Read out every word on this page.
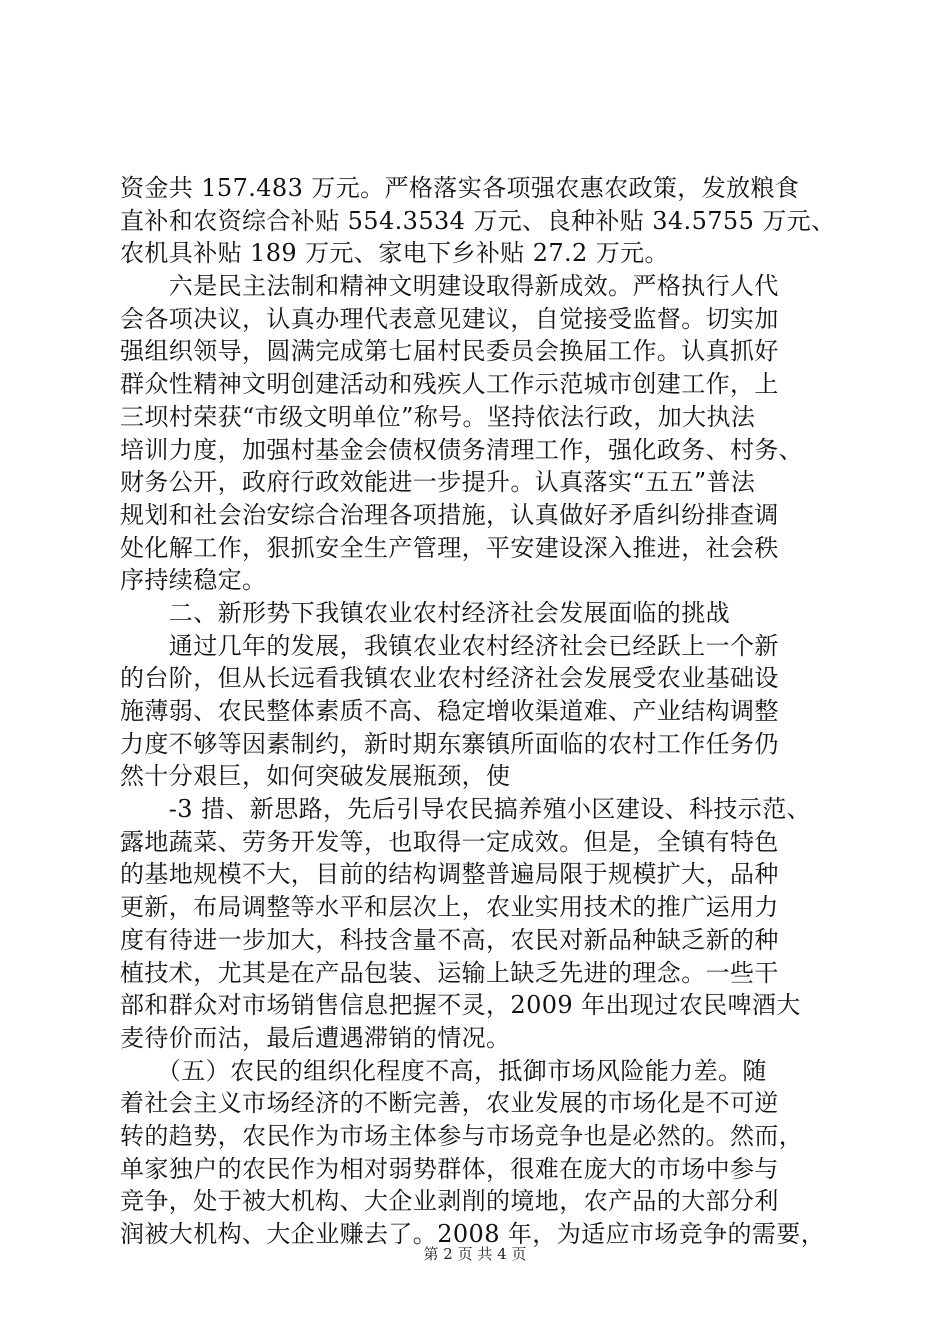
资金共 157.483 万元。严格落实各项强农惠农政策，发放粮食
直补和农资综合补贴 554.3534 万元、良种补贴 34.5755 万元、
农机具补贴 189 万元、家电下乡补贴 27.2 万元。
　　六是民主法制和精神文明建设取得新成效。严格执行人代
会各项决议，认真办理代表意见建议，自觉接受监督。切实加
强组织领导，圆满完成第七届村民委员会换届工作。认真抓好
群众性精神文明创建活动和残疾人工作示范城市创建工作，上
三坝村荣获“市级文明单位”称号。坚持依法行政，加大执法
培训力度，加强村基金会债权债务清理工作，强化政务、村务、
财务公开，政府行政效能进一步提升。认真落实“五五”普法
规划和社会治安综合治理各项措施，认真做好矛盾纠纷排查调
处化解工作，狠抓安全生产管理，平安建设深入推进，社会秩
序持续稳定。
　　二、新形势下我镇农业农村经济社会发展面临的挑战
　　通过几年的发展，我镇农业农村经济社会已经跃上一个新
的台阶，但从长远看我镇农业农村经济社会发展受农业基础设
施薄弱、农民整体素质不高、稳定增收渠道难、产业结构调整
力度不够等因素制约，新时期东寨镇所面临的农村工作任务仍
然十分艰巨，如何突破发展瓶颈，使
　　-3 措、新思路，先后引导农民搞养殖小区建设、科技示范、
露地蔬菜、劳务开发等，也取得一定成效。但是，全镇有特色
的基地规模不大，目前的结构调整普遍局限于规模扩大，品种
更新，布局调整等水平和层次上，农业实用技术的推广运用力
度有待进一步加大，科技含量不高，农民对新品种缺乏新的种
植技术，尤其是在产品包装、运输上缺乏先进的理念。一些干
部和群众对市场销售信息把握不灵，2009 年出现过农民啤酒大
麦待价而沽，最后遭遇滞销的情况。
　　（五）农民的组织化程度不高，抵御市场风险能力差。随
着社会主义市场经济的不断完善，农业发展的市场化是不可逆
转的趋势，农民作为市场主体参与市场竞争也是必然的。然而，
单家独户的农民作为相对弱势群体，很难在庞大的市场中参与
竞争，处于被大机构、大企业剥削的境地，农产品的大部分利
润被大机构、大企业赚去了。2008 年，为适应市场竞争的需要，
第 2 页 共 4 页
